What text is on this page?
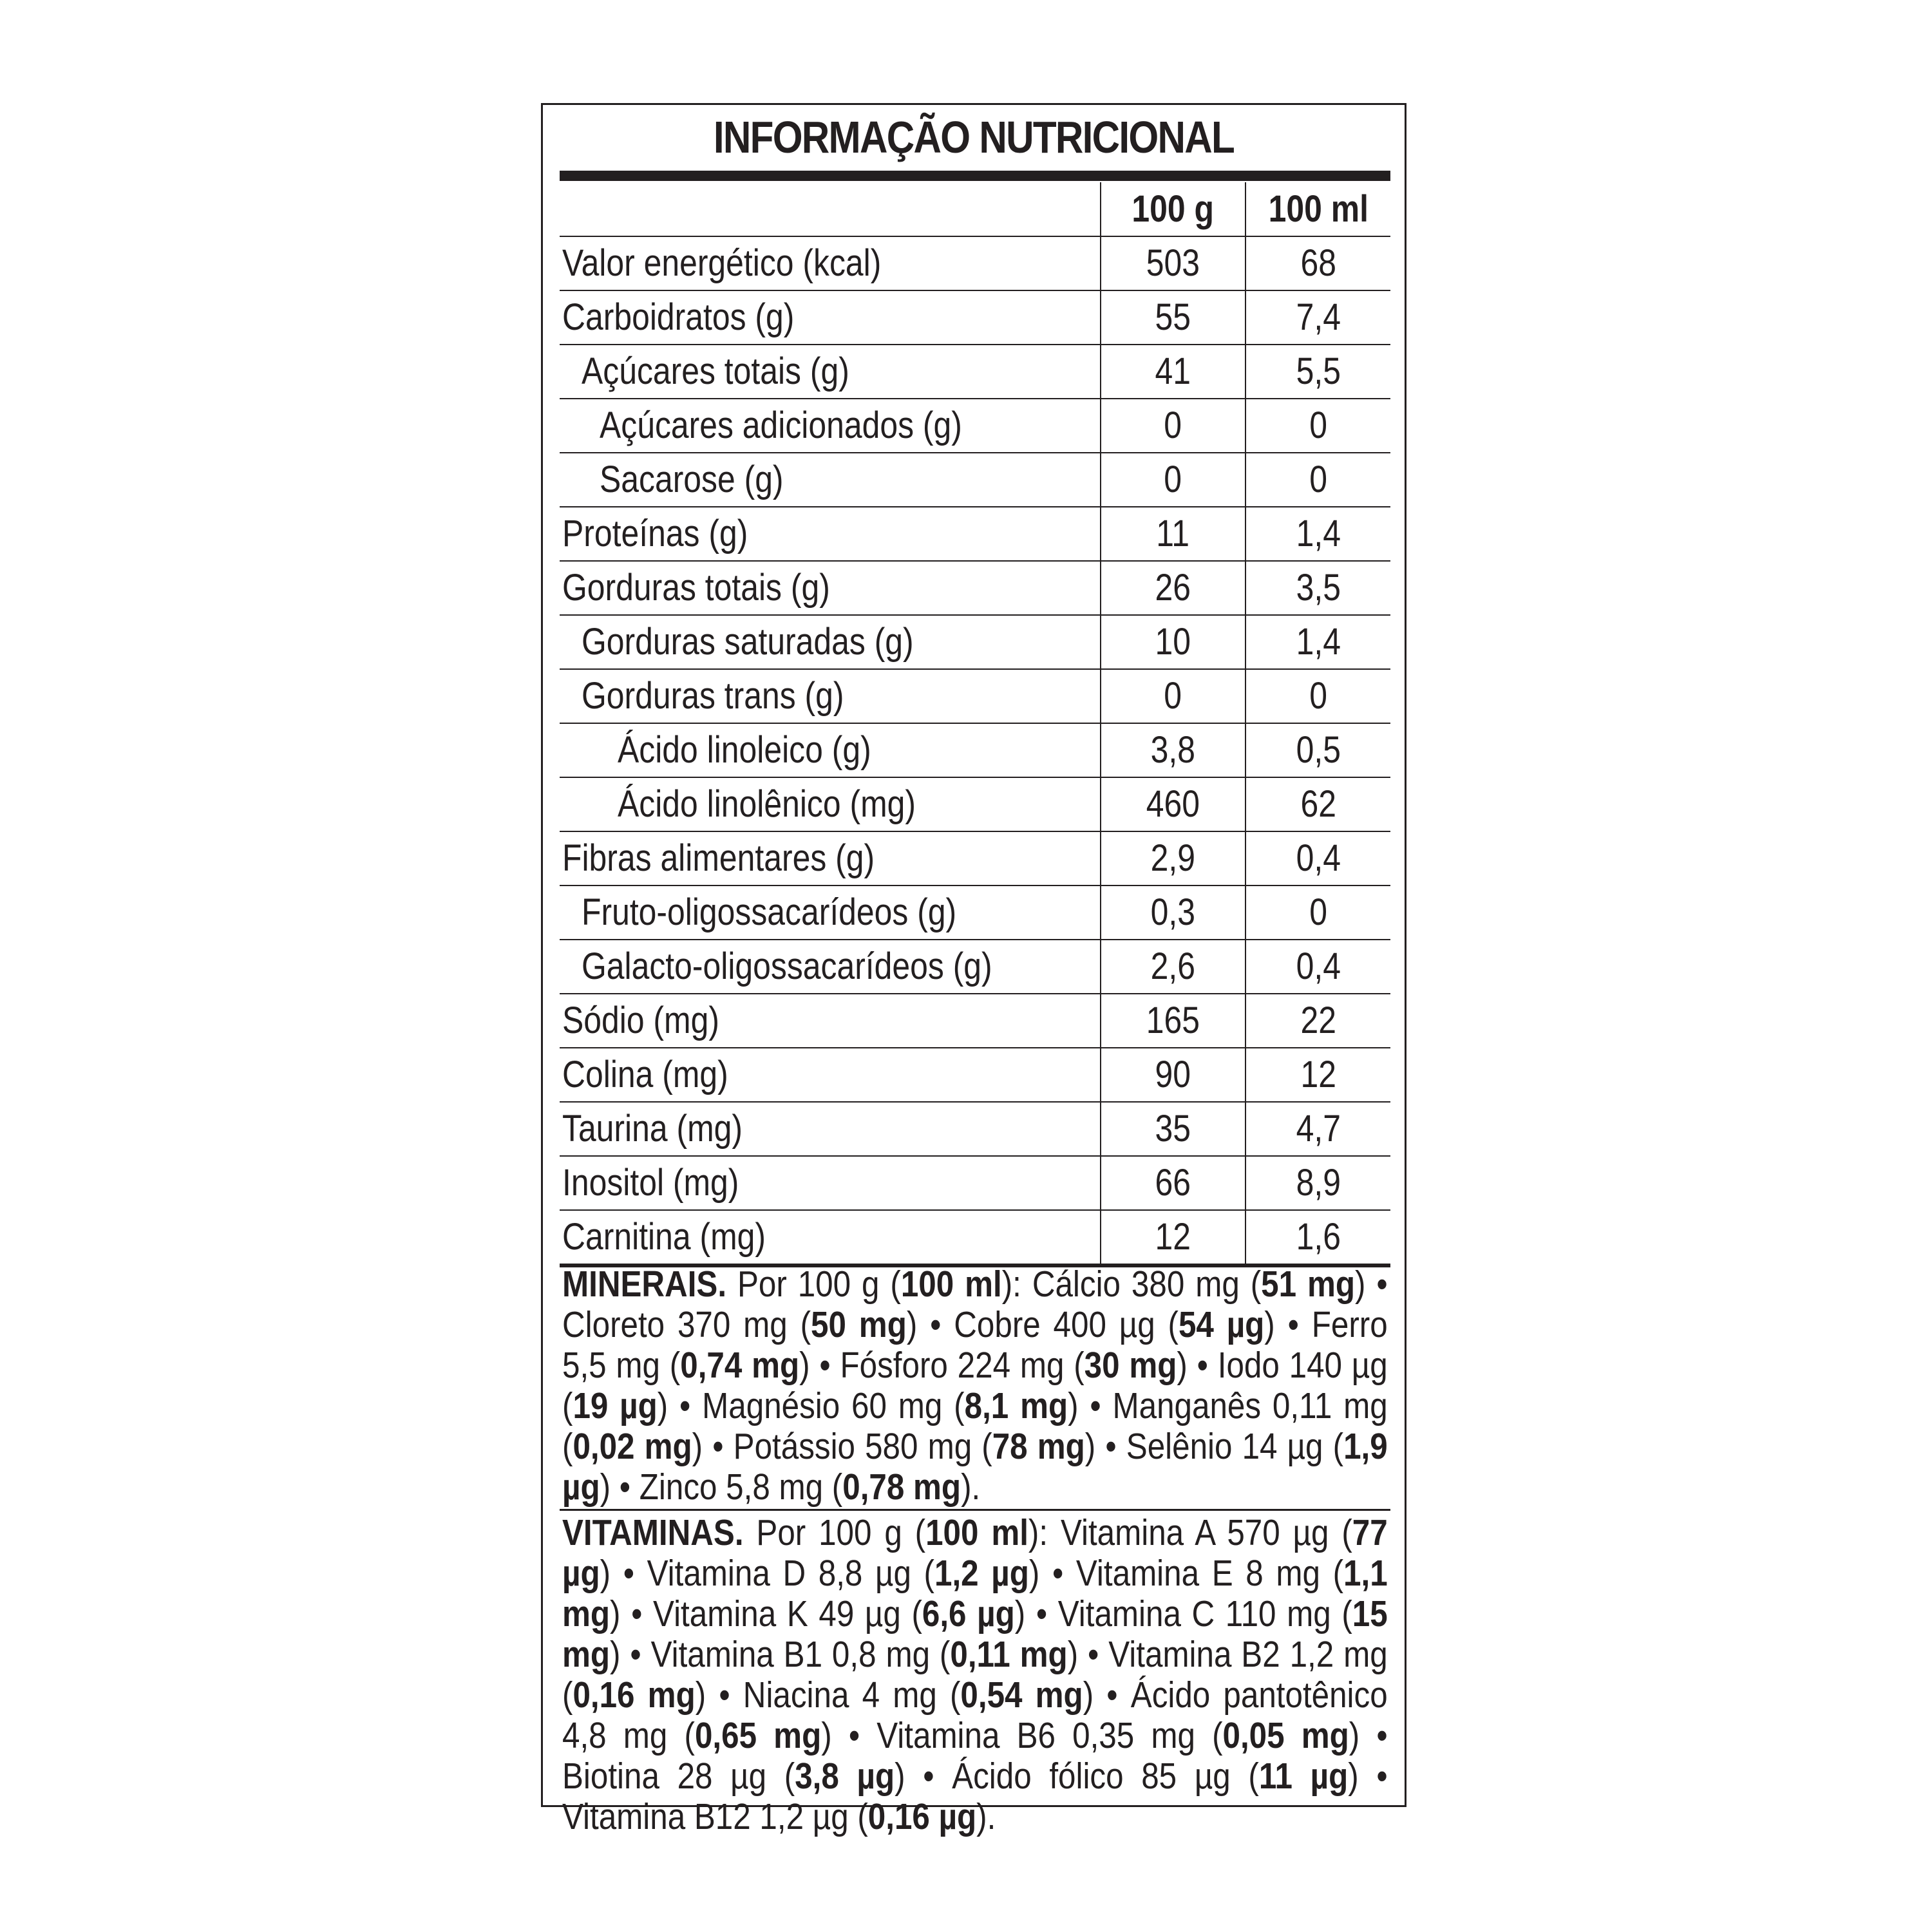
INFORMAÇÃO NUTRICIONAL
	100 g	100 ml
Valor energético (kcal)	503	68
Carboidratos (g)	55	7,4
Açúcares totais (g)	41	5,5
Açúcares adicionados (g)	0	0
Sacarose (g)	0	0
Proteínas (g)	11	1,4
Gorduras totais (g)	26	3,5
Gorduras saturadas (g)	10	1,4
Gorduras trans (g)	0	0
Ácido linoleico (g)	3,8	0,5
Ácido linolênico (mg)	460	62
Fibras alimentares (g)	2,9	0,4
Fruto-oligossacarídeos (g)	0,3	0
Galacto-oligossacarídeos (g)	2,6	0,4
Sódio (mg)	165	22
Colina (mg)	90	12
Taurina (mg)	35	4,7
Inositol (mg)	66	8,9
Carnitina (mg)	12	1,6
MINERAIS. Por 100 g (100 ml): Cálcio 380 mg (51 mg) • Cloreto 370 mg (50 mg) • Cobre 400 µg (54 µg) • Ferro 5,5 mg (0,74 mg) • Fósforo 224 mg (30 mg) • Iodo 140 µg (19 µg) • Magnésio 60 mg (8,1 mg) • Manganês 0,11 mg (0,02 mg) • Potássio 580 mg (78 mg) • Selênio 14 µg (1,9 µg) • Zinco 5,8 mg (0,78 mg).
VITAMINAS. Por 100 g (100 ml): Vitamina A 570 µg (77 µg) • Vitamina D 8,8 µg (1,2 µg) • Vitamina E 8 mg (1,1 mg) • Vitamina K 49 µg (6,6 µg) • Vitamina C 110 mg (15 mg) • Vitamina B1 0,8 mg (0,11 mg) • Vitamina B2 1,2 mg (0,16 mg) • Niacina 4 mg (0,54 mg) • Ácido pantotênico 4,8 mg (0,65 mg) • Vitamina B6 0,35 mg (0,05 mg) • Biotina 28 µg (3,8 µg) • Ácido fólico 85 µg (11 µg) • Vitamina B12 1,2 µg (0,16 µg).
